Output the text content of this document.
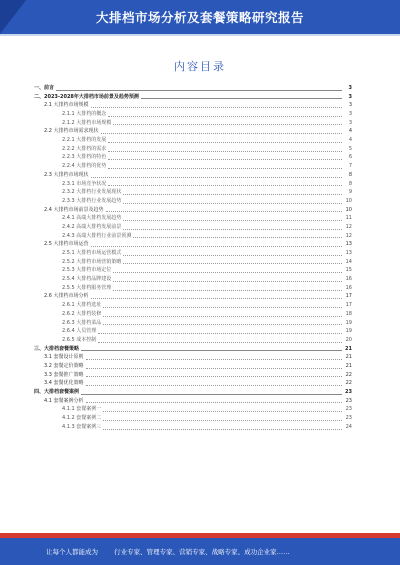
大排档市场分析及套餐策略研究报告
内容目录
一、前言	3
二、2023-2028年大排档市场前景及趋势预测	3
2.1 大排档市场规模	3
2.1.1 大排档的概念	3
2.1.2 大排档市场规模	3
2.2 大排档市场需求现状	4
2.2.1 大排档的发展	4
2.2.2 大排档的需求	5
2.2.3 大排档的特色	6
2.2.4 大排档的优势	7
2.3 大排档市场现状	8
2.3.1 市场竞争状况	8
2.3.2 大排档行业发展现状	9
2.3.3 大排档行业发展趋势	10
2.4 大排档市场前景及趋势	10
2.4.1 高端大排档发展趋势	11
2.4.2 高端大排档发展前景	12
2.4.3 高端大排档行业前景预测	12
2.5 大排档市场运营	13
2.5.1 大排档市场运营模式	13
2.5.2 大排档市场营销策略	14
2.5.3 大排档市场定位	15
2.5.4 大排档品牌建设	16
2.5.5 大排档服务管理	16
2.6 大排档市场分析	17
2.6.1 大排档选址	17
2.6.2 大排档装修	18
2.6.3 大排档菜品	19
2.6.4 人员管理	19
2.6.5 成本控制	20
三、大排档套餐策略	21
3.1 套餐设计原则	21
3.2 套餐定价策略	21
3.3 套餐推广策略	22
3.4 套餐优化策略	22
四、大排档套餐案例	23
4.1 套餐案例分析	23
4.1.1 套餐案例一	23
4.1.2 套餐案例二	23
4.1.3 套餐案例三	24
让每个人都能成为 行业专家、管理专家、营销专家、战略专家、成功企业家……
